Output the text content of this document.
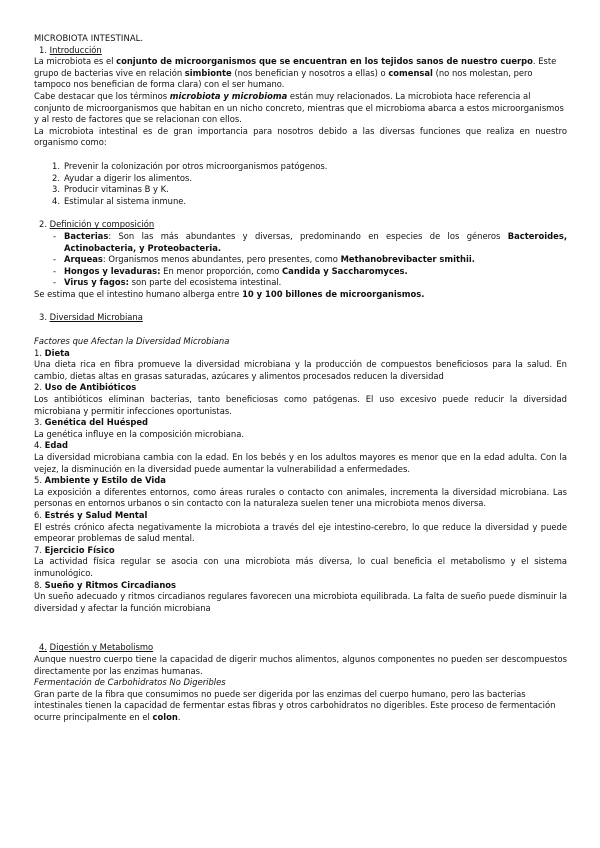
MICROBIOTA INTESTINAL.
1. Introducción

La microbiota es el conjunto de microorganismos que se encuentran en los tejidos sanos de nuestro cuerpo. Este grupo de bacterias vive en relación simbionte (nos benefician y nosotros a ellas) o comensal (no nos molestan, pero tampoco nos benefician de forma clara) con el ser humano.

Cabe destacar que los términos microbiota y microbioma están muy relacionados. La microbiota hace referencia al conjunto de microorganismos que habitan en un nicho concreto, mientras que el microbioma abarca a estos microorganismos y al resto de factores que se relacionan con ellos.

La microbiota intestinal es de gran importancia para nosotros debido a las diversas funciones que realiza en nuestro organismo como:

1. Prevenir la colonización por otros microorganismos patógenos.
2. Ayudar a digerir los alimentos.
3. Producir vitaminas B y K.
4. Estimular al sistema inmune.
2. Definición y composición
- Bacterias: Son las más abundantes y diversas, predominando en especies de los géneros Bacteroides, Actinobacteria, y Proteobacteria.
- Arqueas: Organismos menos abundantes, pero presentes, como Methanobrevibacter smithii.
- Hongos y levaduras: En menor proporción, como Candida y Saccharomyces.
- Virus y fagos: son parte del ecosistema intestinal.

Se estima que el intestino humano alberga entre 10 y 100 billones de microorganismos.

3. Diversidad Microbiana
Factores que Afectan la Diversidad Microbiana
1. Dieta

Una dieta rica en fibra promueve la diversidad microbiana y la producción de compuestos beneficiosos para la salud. En cambio, dietas altas en grasas saturadas, azúcares y alimentos procesados reducen la diversidad

2. Uso de Antibióticos

Los antibióticos eliminan bacterias, tanto beneficiosas como patógenas. El uso excesivo puede reducir la diversidad microbiana y permitir infecciones oportunistas.

3. Genética del Huésped

La genética influye en la composición microbiana.

4. Edad

La diversidad microbiana cambia con la edad. En los bebés y en los adultos mayores es menor que en la edad adulta. Con la vejez, la disminución en la diversidad puede aumentar la vulnerabilidad a enfermedades.

5. Ambiente y Estilo de Vida

La exposición a diferentes entornos, como áreas rurales o contacto con animales, incrementa la diversidad microbiana. Las personas en entornos urbanos o sin contacto con la naturaleza suelen tener una microbiota menos diversa.

6. Estrés y Salud Mental

El estrés crónico afecta negativamente la microbiota a través del eje intestino-cerebro, lo que reduce la diversidad y puede empeorar problemas de salud mental.

7. Ejercicio Físico

La actividad física regular se asocia con una microbiota más diversa, lo cual beneficia el metabolismo y el sistema inmunológico.

8. Sueño y Ritmos Circadianos

Un sueño adecuado y ritmos circadianos regulares favorecen una microbiota equilibrada. La falta de sueño puede disminuir la diversidad y afectar la función microbiana

4. Digestión y Metabolismo

Aunque nuestro cuerpo tiene la capacidad de digerir muchos alimentos, algunos componentes no pueden ser descompuestos directamente por las enzimas humanas.

Fermentación de Carbohidratos No Digeribles

Gran parte de la fibra que consumimos no puede ser digerida por las enzimas del cuerpo humano, pero las bacterias intestinales tienen la capacidad de fermentar estas fibras y otros carbohidratos no digeribles. Este proceso de fermentación ocurre principalmente en el colon.
